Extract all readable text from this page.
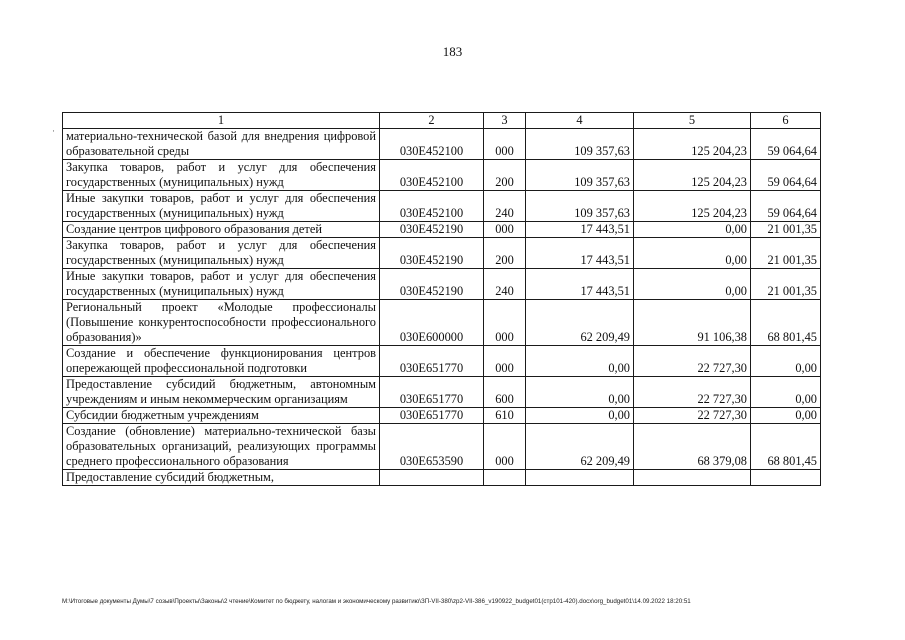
183
·
1	2	3	4	5	6
материально-технической базой для внедрения цифровой образовательной среды	030Е452100	000	109 357,63	125 204,23	59 064,64
Закупка товаров, работ и услуг для обеспечения государственных (муниципальных) нужд	030Е452100	200	109 357,63	125 204,23	59 064,64
Иные закупки товаров, работ и услуг для обеспечения государственных (муниципальных) нужд	030Е452100	240	109 357,63	125 204,23	59 064,64
Создание центров цифрового образования детей	030Е452190	000	17 443,51	0,00	21 001,35
Закупка товаров, работ и услуг для обеспечения государственных (муниципальных) нужд	030Е452190	200	17 443,51	0,00	21 001,35
Иные закупки товаров, работ и услуг для обеспечения государственных (муниципальных) нужд	030Е452190	240	17 443,51	0,00	21 001,35
Региональный проект «Молодые профессионалы (Повышение конкурентоспособности профессионального образования)»	030Е600000	000	62 209,49	91 106,38	68 801,45
Создание и обеспечение функционирования центров опережающей профессиональной подготовки	030Е651770	000	0,00	22 727,30	0,00
Предоставление субсидий бюджетным, автономным учреждениям и иным некоммерческим организациям	030Е651770	600	0,00	22 727,30	0,00
Субсидии бюджетным учреждениям	030Е651770	610	0,00	22 727,30	0,00
Создание (обновление) материально-технической базы образовательных организаций, реализующих программы среднего профессионального образования	030Е653590	000	62 209,49	68 379,08	68 801,45
Предоставление субсидий бюджетным,					
M:\Итоговые документы Думы\7 созыв\Проекты\Законы\2 чтение\Комитет по бюджету, налогам и экономическому развитию\ЗП-VII-380\zp2-VII-386_v190922_budget01(стр101-420).docx\org_budget01\14.09.2022 18:20:51
